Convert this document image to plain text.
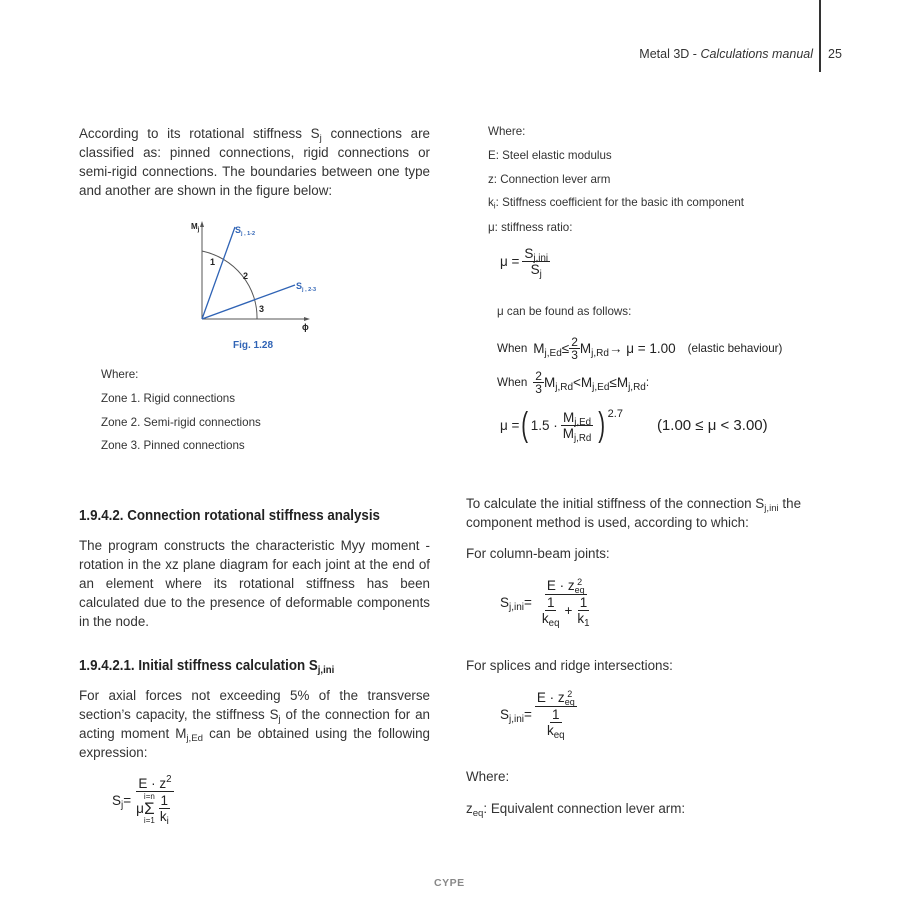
Metal 3D - Calculations manual 25
According to its rotational stiffness $S_j$ connections are classified as: pinned connections, rigid connections or semi-rigid connections. The boundaries between one type and another are shown in the figure below:
$M_j$
ϕ
$S_{j , 1-2}$
$S_{j , 2-3}$
1
2
3
Fig. 1.28
Where:
Zone 1. Rigid connections
Zone 2. Semi-rigid connections
Zone 3. Pinned connections
1.9.4.2. Connection rotational stiffness analysis
The program constructs the characteristic Myy moment - rotation in the xz plane diagram for each joint at the end of an element where its rotational stiffness has been calculated due to the presence of deformable components in the node.
1.9.4.2.1. Initial stiffness calculation $S_{j,ini}$
For axial forces not exceeding 5% of the transverse section’s capacity, the stiffness $S_j$ of the connection for an acting moment $M_{j,Ed}$ can be obtained using the following expression:
$S_j = E \cdot z^2$
μ
i=n
Σ
$i=1 \frac{1}{k_i}$
Where:
E: Steel elastic modulus
z: Connection lever arm
$k_i$: Stiffness coefficient for the basic ith component
μ: stiffness ratio:
$\mu = \frac{S_{j,ini}}{S_j}$
μ can be found as follows:
When $M_{j,Ed} \le \frac{2}{3} M_{j,Rd} \to \mu = 1.00$ (elastic behaviour)
When $\frac{2}{3} M_{j,Rd} < M_{j,Ed} \le M_{j,Rd}$ :
μ = ( $1.5 \cdot \frac{M_{j,Ed}}{M_{j,Rd}}$ ) 2.7
(1.00 ≤ μ < 3.00)
To calculate the initial stiffness of the connection $S_{j,ini}$ the component method is used, according to which:
For column-beam joints:
$S_{j,ini} = E \cdot z$ 2
eq
$\frac{1}{k_{eq}} + \frac{1}{k_1}$
For splices and ridge intersections:
$S_{j,ini} = E \cdot z$ 2
eq
$\frac{1}{k_{eq}}$
Where:
$z_{eq}$: Equivalent connection lever arm:
CYPE
